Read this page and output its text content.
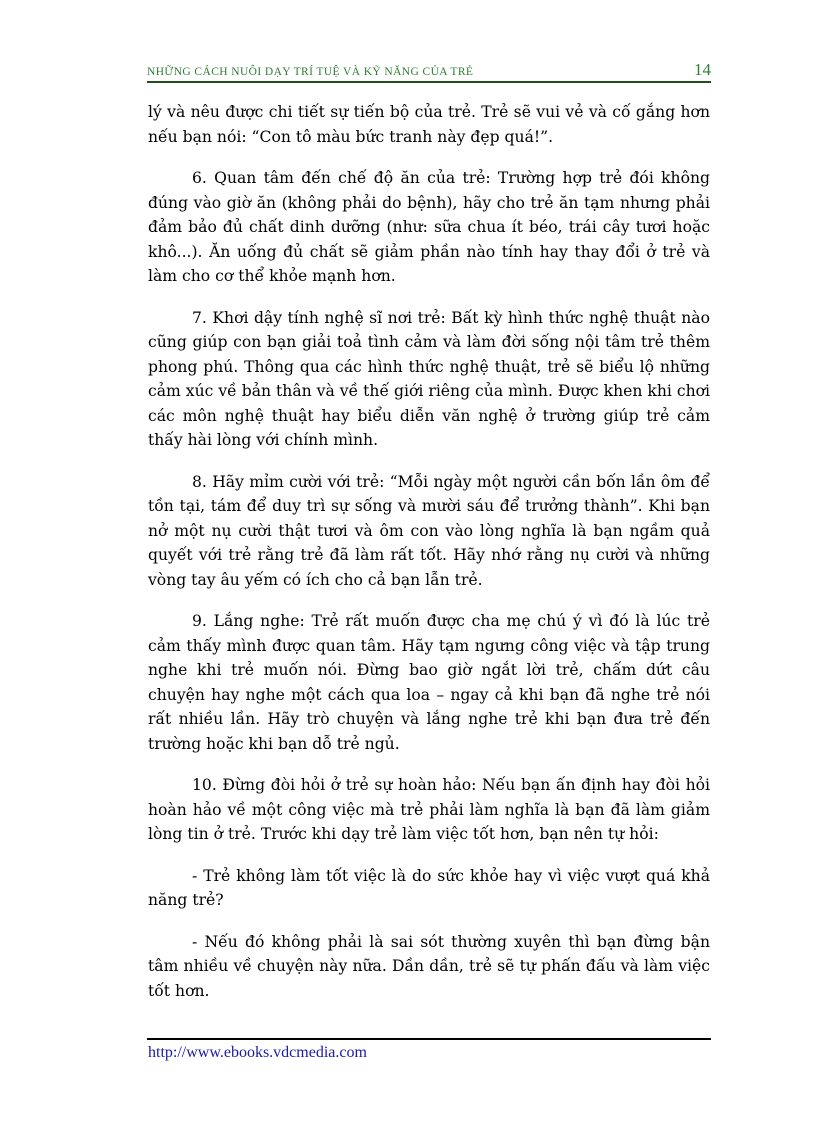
NHỮNG CÁCH NUÔI DẠY TRÍ TUỆ VÀ KỸ NĂNG CỦA TRẺ	14

lý và nêu được chi tiết sự tiến bộ của trẻ. Trẻ sẽ vui vẻ và cố gắng hơn nếu bạn nói: “Con tô màu bức tranh này đẹp quá!”.

6. Quan tâm đến chế độ ăn của trẻ: Trường hợp trẻ đói không đúng vào giờ ăn (không phải do bệnh), hãy cho trẻ ăn tạm nhưng phải đảm bảo đủ chất dinh dưỡng (như: sữa chua ít béo, trái cây tươi hoặc khô...). Ăn uống đủ chất sẽ giảm phần nào tính hay thay đổi ở trẻ và làm cho cơ thể khỏe mạnh hơn.

7. Khơi dậy tính nghệ sĩ nơi trẻ: Bất kỳ hình thức nghệ thuật nào cũng giúp con bạn giải toả tình cảm và làm đời sống nội tâm trẻ thêm phong phú. Thông qua các hình thức nghệ thuật, trẻ sẽ biểu lộ những cảm xúc về bản thân và về thế giới riêng của mình. Được khen khi chơi các môn nghệ thuật hay biểu diễn văn nghệ ở trường giúp trẻ cảm thấy hài lòng với chính mình.

8. Hãy mỉm cười với trẻ: “Mỗi ngày một người cần bốn lần ôm để tồn tại, tám để duy trì sự sống và mười sáu để trưởng thành”. Khi bạn nở một nụ cười thật tươi và ôm con vào lòng nghĩa là bạn ngầm quả quyết với trẻ rằng trẻ đã làm rất tốt. Hãy nhớ rằng nụ cười và những vòng tay âu yếm có ích cho cả bạn lẫn trẻ.

9. Lắng nghe: Trẻ rất muốn được cha mẹ chú ý vì đó là lúc trẻ cảm thấy mình được quan tâm. Hãy tạm ngưng công việc và tập trung nghe khi trẻ muốn nói. Đừng bao giờ ngắt lời trẻ, chấm dứt câu chuyện hay nghe một cách qua loa – ngay cả khi bạn đã nghe trẻ nói rất nhiều lần. Hãy trò chuyện và lắng nghe trẻ khi bạn đưa trẻ đến trường hoặc khi bạn dỗ trẻ ngủ.

10. Đừng đòi hỏi ở trẻ sự hoàn hảo: Nếu bạn ấn định hay đòi hỏi hoàn hảo về một công việc mà trẻ phải làm nghĩa là bạn đã làm giảm lòng tin ở trẻ. Trước khi dạy trẻ làm việc tốt hơn, bạn nên tự hỏi:

- Trẻ không làm tốt việc là do sức khỏe hay vì việc vượt quá khả năng trẻ?

- Nếu đó không phải là sai sót thường xuyên thì bạn đừng bận tâm nhiều về chuyện này nữa. Dần dần, trẻ sẽ tự phấn đấu và làm việc tốt hơn.

http://www.ebooks.vdcmedia.com
